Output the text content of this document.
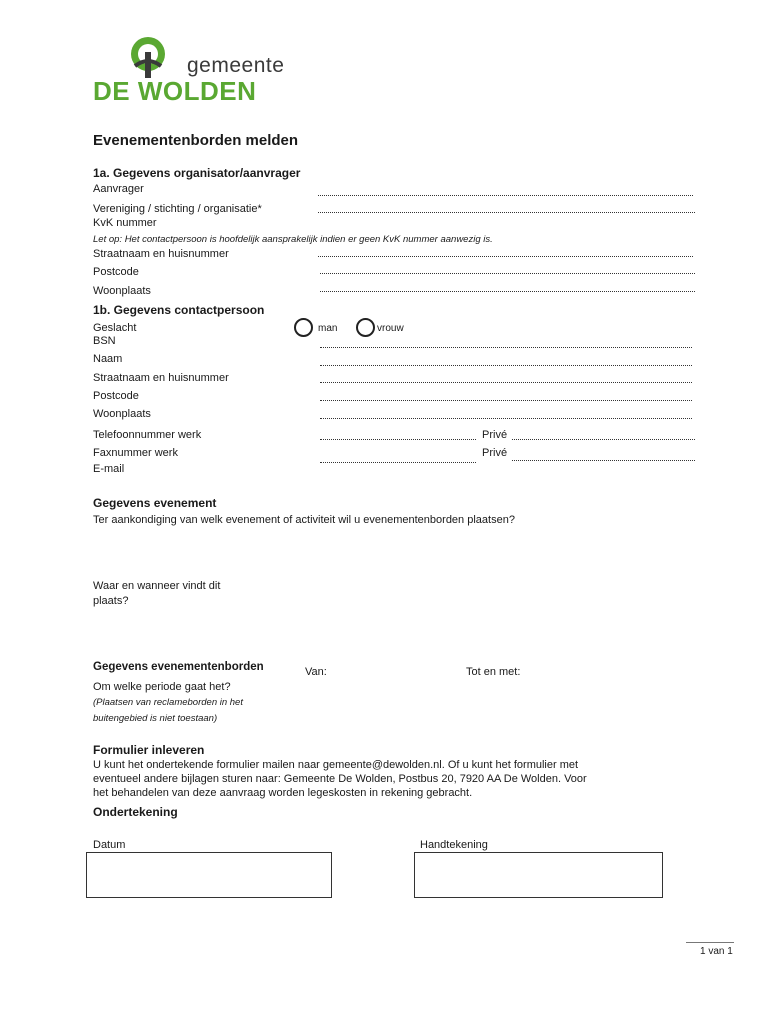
gemeente
DE WOLDEN
Evenementenborden melden
1a. Gegevens organisator/aanvrager
Aanvrager
Vereniging / stichting / organisatie*
KvK nummer
Let op: Het contactpersoon is hoofdelijk aansprakelijk indien er geen KvK nummer aanwezig is.
Straatnaam en huisnummer
Postcode
Woonplaats
1b. Gegevens contactpersoon
Geslacht	man	vrouw
BSN
Naam
Straatnaam en huisnummer
Postcode
Woonplaats
Telefoonnummer werk	Privé
Faxnummer werk	Privé
E-mail
Gegevens evenement
Ter aankondiging van welk evenement of activiteit wil u evenementenborden plaatsen?
Waar en wanneer vindt dit
plaats?
Gegevens evenementenborden	Van:	Tot en met:
Om welke periode gaat het?
(Plaatsen van reclameborden in het
buitengebied is niet toestaan)
Formulier inleveren
U kunt het ondertekende formulier mailen naar gemeente@dewolden.nl. Of u kunt het formulier met
eventueel andere bijlagen sturen naar: Gemeente De Wolden, Postbus 20, 7920 AA De Wolden. Voor
het behandelen van deze aanvraag worden legeskosten in rekening gebracht.
Ondertekening
Datum	Handtekening
1 van 1
